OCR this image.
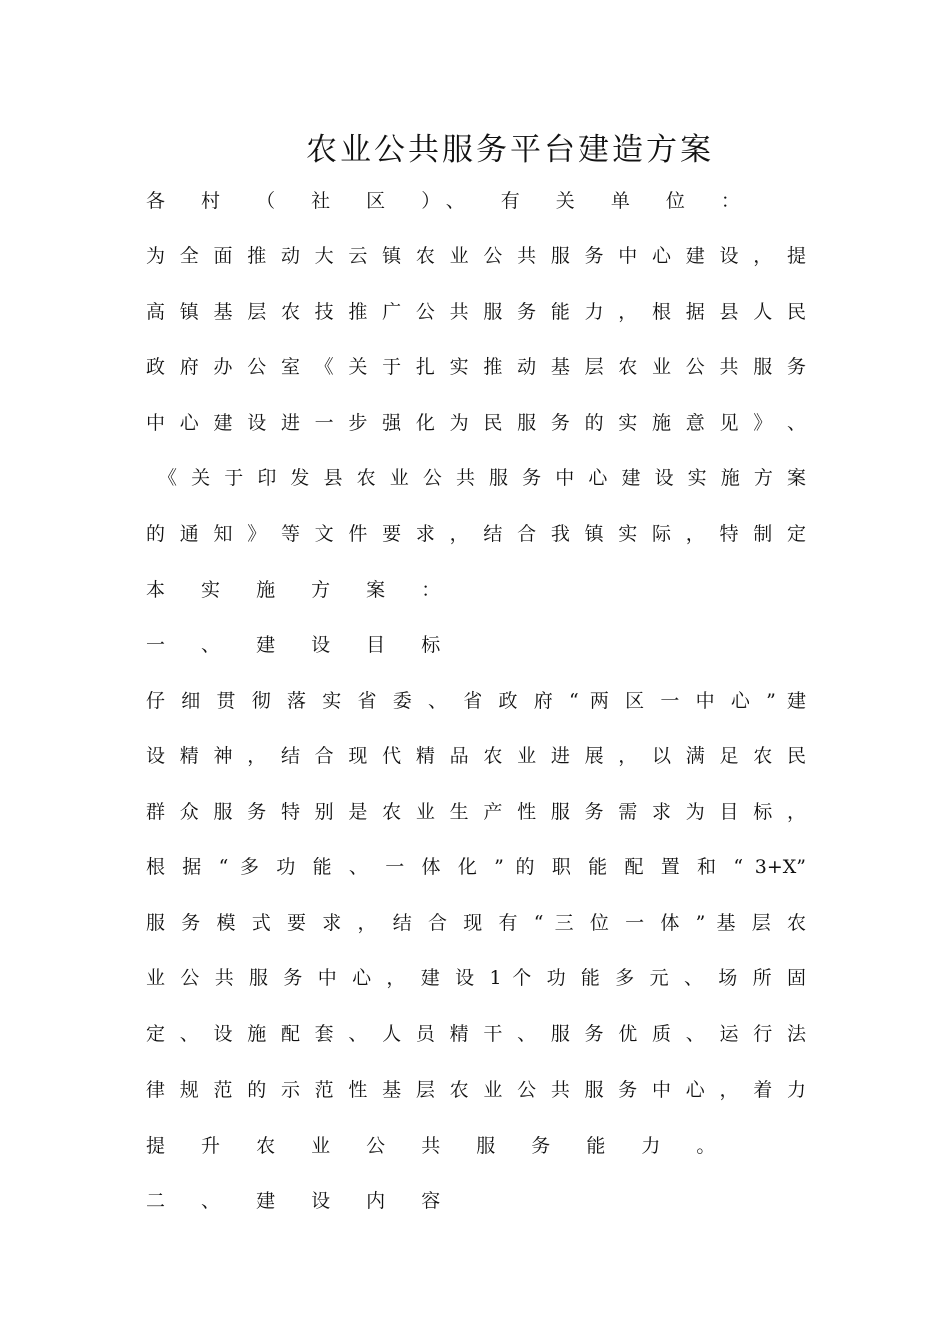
农业公共服务平台建造方案
各 村 （ 社 区 ）、 有 关 单 位 ：
为 全 面 推 动 大 云 镇 农 业 公 共 服 务 中 心 建 设 ， 提
高 镇 基 层 农 技 推 广 公 共 服 务 能 力 ， 根 据 县 人 民
政 府 办 公 室 《 关 于 扎 实 推 动 基 层 农 业 公 共 服 务
中 心 建 设 进 一 步 强 化 为 民 服 务 的 实 施 意 见 》 、
《 关 于 印 发 县 农 业 公 共 服 务 中 心 建 设 实 施 方 案
的 通 知 》 等 文 件 要 求 ， 结 合 我 镇 实 际 ， 特 制 定
本 实 施 方 案 ：
一 、 建 设 目 标
仔 细 贯 彻 落 实 省 委 、 省 政 府 “ 两 区 一 中 心 ” 建
设 精 神 ， 结 合 现 代 精 品 农 业 进 展 ， 以 满 足 农 民
群 众 服 务 特 别 是 农 业 生 产 性 服 务 需 求 为 目 标 ，
根 据 “ 多 功 能 、 一 体 化 ” 的 职 能 配 置 和 “ 3+X”
服 务 模 式 要 求 ， 结 合 现 有 “ 三 位 一 体 ” 基 层 农
业 公 共 服 务 中 心 ， 建 设 1 个 功 能 多 元 、 场 所 固
定 、 设 施 配 套 、 人 员 精 干 、 服 务 优 质 、 运 行 法
律 规 范 的 示 范 性 基 层 农 业 公 共 服 务 中 心 ， 着 力
提 升 农 业 公 共 服 务 能 力 。
二 、 建 设 内 容
